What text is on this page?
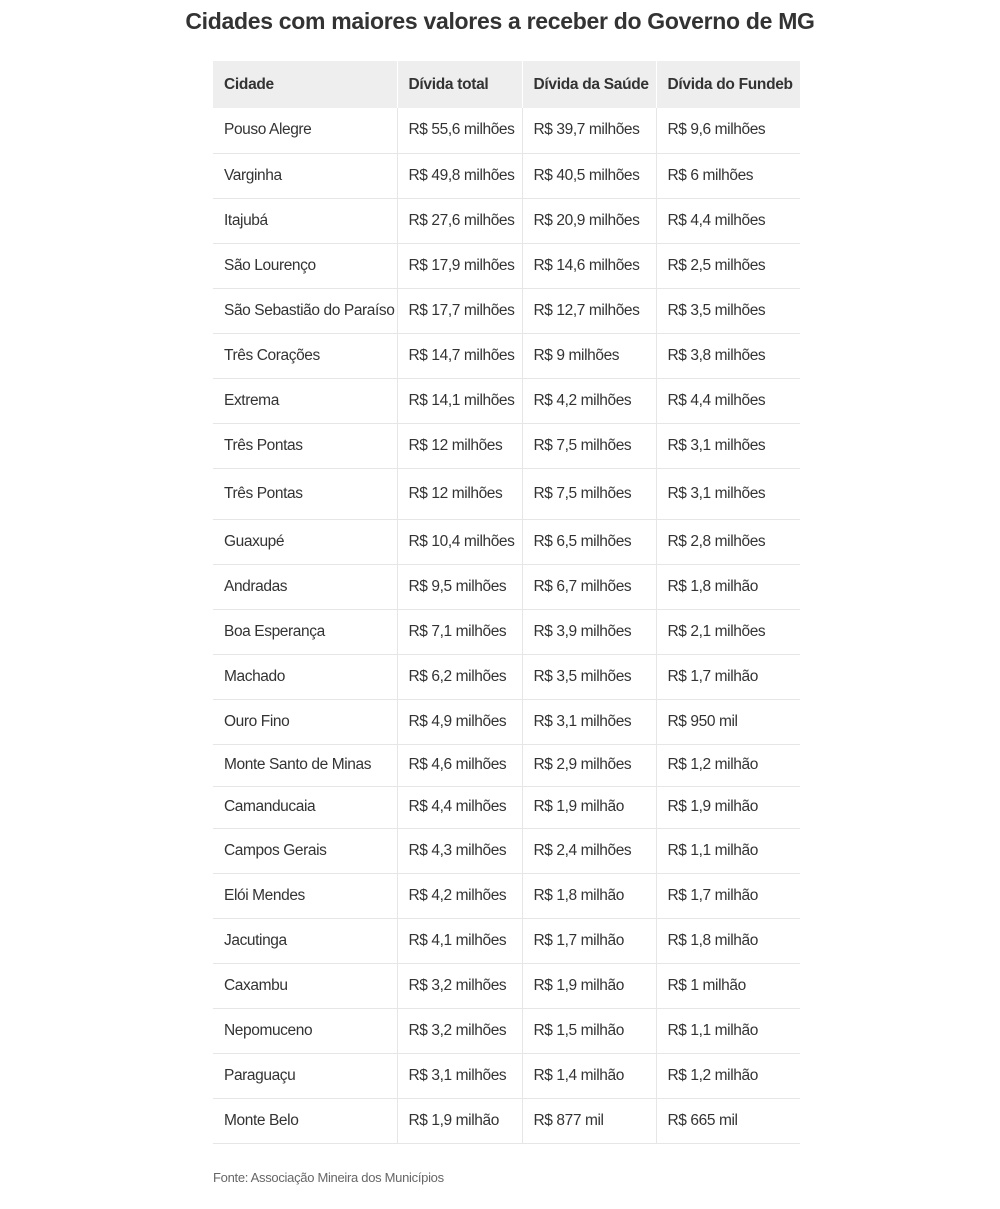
Cidades com maiores valores a receber do Governo de MG
Cidade	Dívida total	Dívida da Saúde	Dívida do Fundeb
Pouso Alegre	R$ 55,6 milhões	R$ 39,7 milhões	R$ 9,6 milhões
Varginha	R$ 49,8 milhões	R$ 40,5 milhões	R$ 6 milhões
Itajubá	R$ 27,6 milhões	R$ 20,9 milhões	R$ 4,4 milhões
São Lourenço	R$ 17,9 milhões	R$ 14,6 milhões	R$ 2,5 milhões
São Sebastião do Paraíso	R$ 17,7 milhões	R$ 12,7 milhões	R$ 3,5 milhões
Três Corações	R$ 14,7 milhões	R$ 9 milhões	R$ 3,8 milhões
Extrema	R$ 14,1 milhões	R$ 4,2 milhões	R$ 4,4 milhões
Três Pontas	R$ 12 milhões	R$ 7,5 milhões	R$ 3,1 milhões
Três Pontas	R$ 12 milhões	R$ 7,5 milhões	R$ 3,1 milhões
Guaxupé	R$ 10,4 milhões	R$ 6,5 milhões	R$ 2,8 milhões
Andradas	R$ 9,5 milhões	R$ 6,7 milhões	R$ 1,8 milhão
Boa Esperança	R$ 7,1 milhões	R$ 3,9 milhões	R$ 2,1 milhões
Machado	R$ 6,2 milhões	R$ 3,5 milhões	R$ 1,7 milhão
Ouro Fino	R$ 4,9 milhões	R$ 3,1 milhões	R$ 950 mil
Monte Santo de Minas	R$ 4,6 milhões	R$ 2,9 milhões	R$ 1,2 milhão
Camanducaia	R$ 4,4 milhões	R$ 1,9 milhão	R$ 1,9 milhão
Campos Gerais	R$ 4,3 milhões	R$ 2,4 milhões	R$ 1,1 milhão
Elói Mendes	R$ 4,2 milhões	R$ 1,8 milhão	R$ 1,7 milhão
Jacutinga	R$ 4,1 milhões	R$ 1,7 milhão	R$ 1,8 milhão
Caxambu	R$ 3,2 milhões	R$ 1,9 milhão	R$ 1 milhão
Nepomuceno	R$ 3,2 milhões	R$ 1,5 milhão	R$ 1,1 milhão
Paraguaçu	R$ 3,1 milhões	R$ 1,4 milhão	R$ 1,2 milhão
Monte Belo	R$ 1,9 milhão	R$ 877 mil	R$ 665 mil
Fonte: Associação Mineira dos Municípios
